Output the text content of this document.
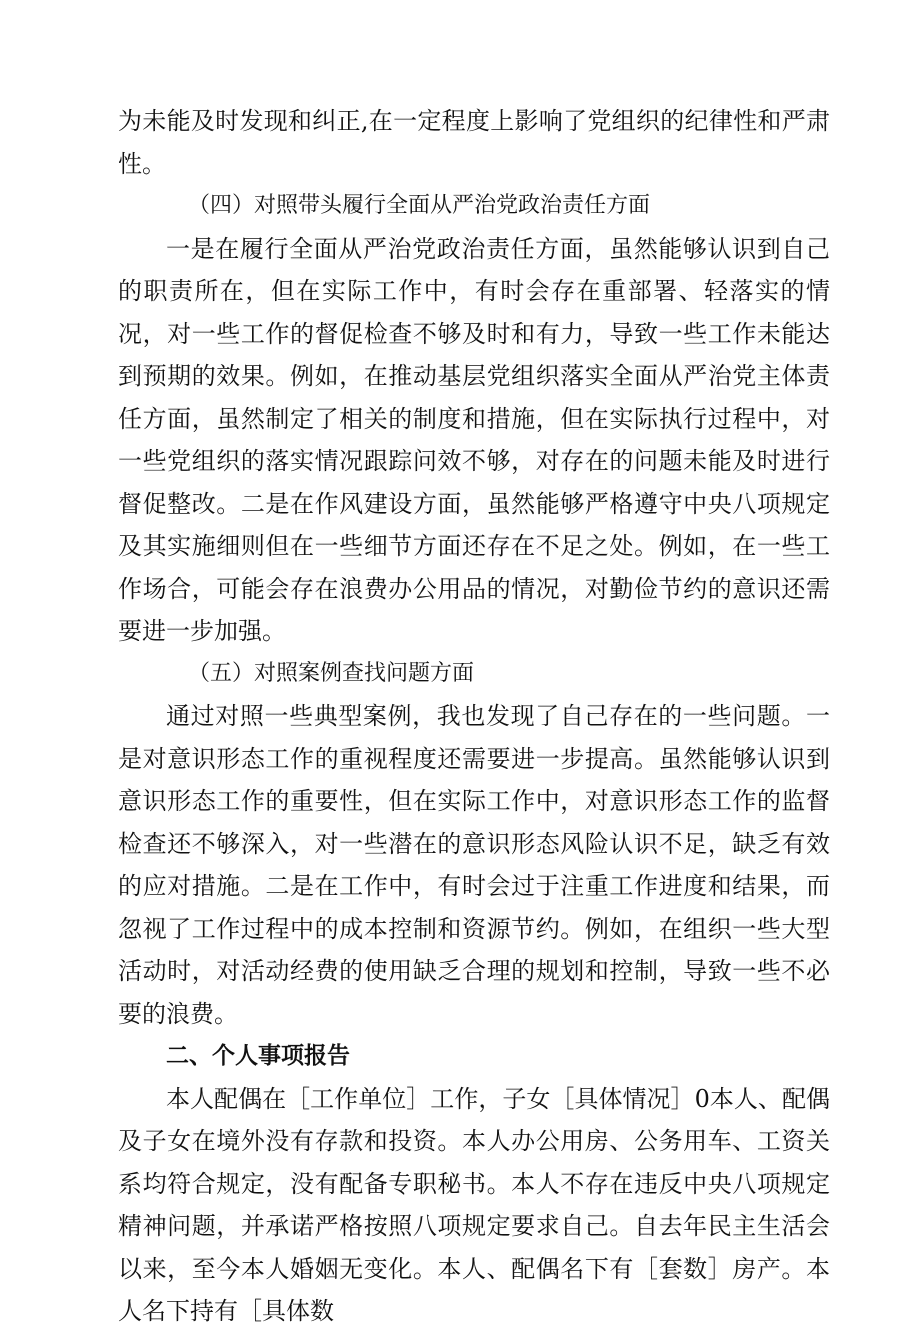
为未能及时发现和纠正,在一定程度上影响了党组织的纪律性和严肃性。

（四）对照带头履行全面从严治党政治责任方面

一是在履行全面从严治党政治责任方面，虽然能够认识到自己的职责所在，但在实际工作中，有时会存在重部署、轻落实的情况，对一些工作的督促检查不够及时和有力，导致一些工作未能达到预期的效果。例如，在推动基层党组织落实全面从严治党主体责任方面，虽然制定了相关的制度和措施，但在实际执行过程中，对一些党组织的落实情况跟踪问效不够，对存在的问题未能及时进行督促整改。二是在作风建设方面，虽然能够严格遵守中央八项规定及其实施细则但在一些细节方面还存在不足之处。例如，在一些工作场合，可能会存在浪费办公用品的情况，对勤俭节约的意识还需要进一步加强。

（五）对照案例查找问题方面

通过对照一些典型案例，我也发现了自己存在的一些问题。一是对意识形态工作的重视程度还需要进一步提高。虽然能够认识到意识形态工作的重要性，但在实际工作中，对意识形态工作的监督检查还不够深入，对一些潜在的意识形态风险认识不足，缺乏有效的应对措施。二是在工作中，有时会过于注重工作进度和结果，而忽视了工作过程中的成本控制和资源节约。例如，在组织一些大型活动时，对活动经费的使用缺乏合理的规划和控制，导致一些不必要的浪费。

二、个人事项报告

本人配偶在［工作单位］工作，子女［具体情况］0本人、配偶及子女在境外没有存款和投资。本人办公用房、公务用车、工资关系均符合规定，没有配备专职秘书。本人不存在违反中央八项规定精神问题，并承诺严格按照八项规定要求自己。自去年民主生活会以来，至今本人婚姻无变化。本人、配偶名下有［套数］房产。本人名下持有［具体数
